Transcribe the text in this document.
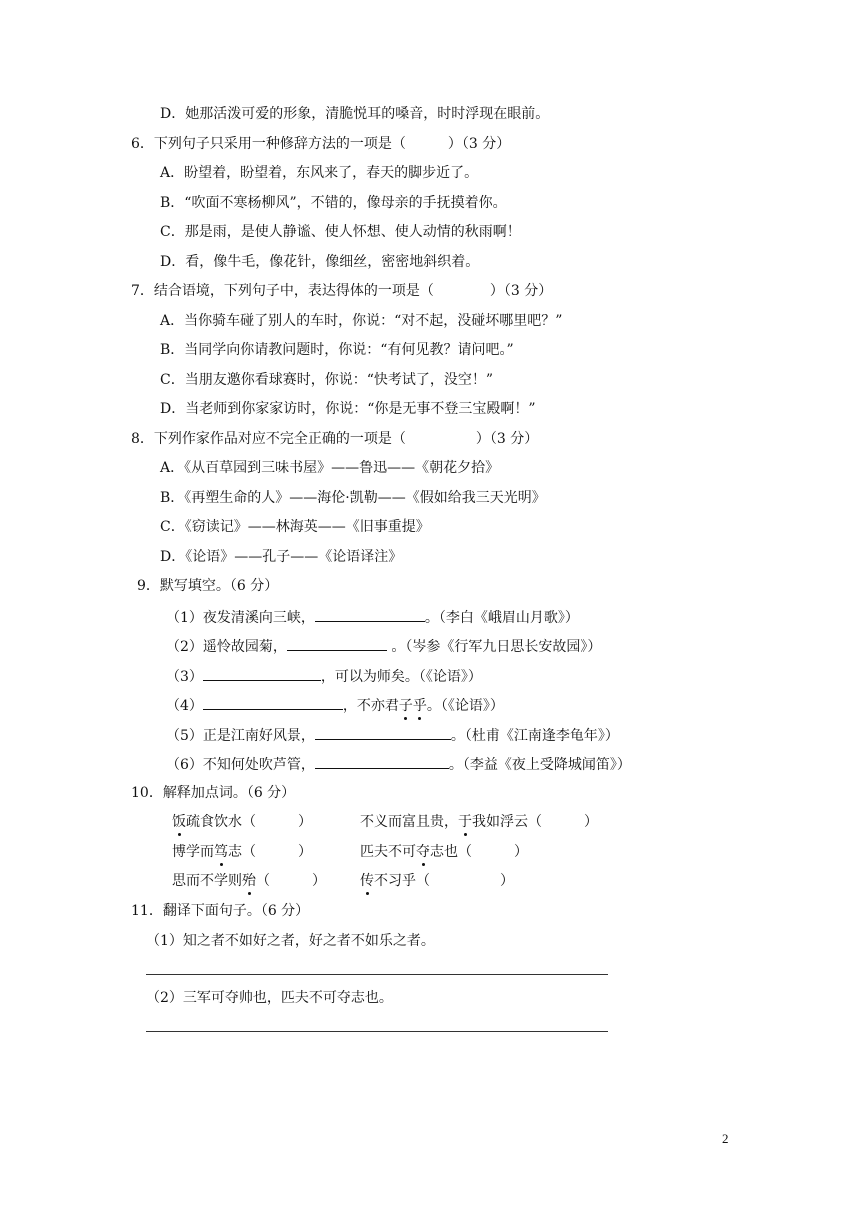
D．她那活泼可爱的形象，清脆悦耳的嗓音，时时浮现在眼前。
6．下列句子只采用一种修辞方法的一项是（　　　）（3 分）
A．盼望着，盼望着，东风来了，春天的脚步近了。
B．“吹面不寒杨柳风”，不错的，像母亲的手抚摸着你。
C．那是雨，是使人静谧、使人怀想、使人动情的秋雨啊！
D．看，像牛毛，像花针，像细丝，密密地斜织着。
7．结合语境，下列句子中，表达得体的一项是（　　　　）（3 分）
A．当你骑车碰了别人的车时，你说：“对不起，没碰坏哪里吧？”
B．当同学向你请教问题时，你说：“有何见教？请问吧。”
C．当朋友邀你看球赛时，你说：“快考试了，没空！”
D．当老师到你家家访时，你说：“你是无事不登三宝殿啊！”
8．下列作家作品对应不完全正确的一项是（　　　　　）（3 分）
A．《从百草园到三味书屋》——鲁迅——《朝花夕拾》
B．《再塑生命的人》——海伦·凯勒——《假如给我三天光明》
C．《窃读记》——林海英——《旧事重提》
D．《论语》——孔子——《论语译注》
9．默写填空。（6 分）
（1）夜发清溪向三峡，	。（李白《峨眉山月歌》）
（2）遥怜故园菊，	。（岑参《行军九日思长安故园》）
（3）	，可以为师矣。（《论语》）
（4）	，不亦君子乎。（《论语》）
（5）正是江南好风景，	。（杜甫《江南逢李龟年》）
（6）不知何处吹芦管，	。（李益《夜上受降城闻笛》）
10．解释加点词。（6 分）
饭疏食饮水（　　　）	不义而富且贵，于我如浮云（　　　）
博学而笃志（　　　）	匹夫不可夺志也（　　　）
思而不学则殆（　　　） 传不习乎（　　　　　）
11．翻译下面句子。（6 分）
（1）知之者不如好之者，好之者不如乐之者。
（2）三军可夺帅也，匹夫不可夺志也。
2
